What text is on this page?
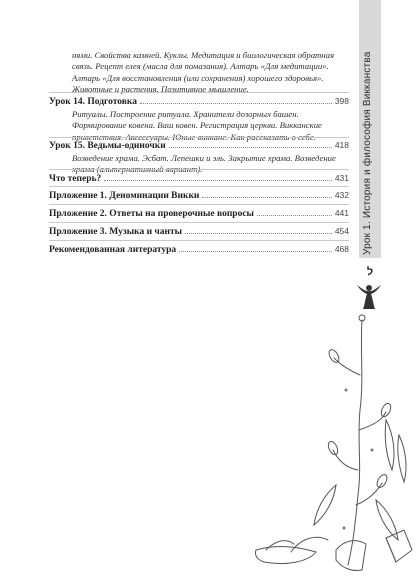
нями. Свойства камней. Куклы. Медитация и биологическая обратная связь. Рецепт елея (масла для помазания). Алтарь «Для медитации». Алтарь «Для восстановления (или сохранения) хорошего здоровья». Животные и растения. Позитивное мышление.
Урок 14. Подготовка	398
Ритуалы. Построение ритуала. Хранители дозорных башен. Формирование ковена. Ваш ковен. Регистрация церкви. Викканские приветствия. Аксессуары. Юные викканe. Как рассказать о себе.
Урок 15. Ведьмы-одиночки	418
Возведение храма. Эсбат. Лепешки и эль. Закрытие храма. Возведение храма (альтернативный вариант).
Что теперь?	431
Прложение 1. Деноминации Викки	432
Прложение 2. Ответы на проверочные вопросы	441
Прложение 3. Музыка и чанты	454
Рекомендованная литература	468 Урок 1. История и философия Викканства
ל
